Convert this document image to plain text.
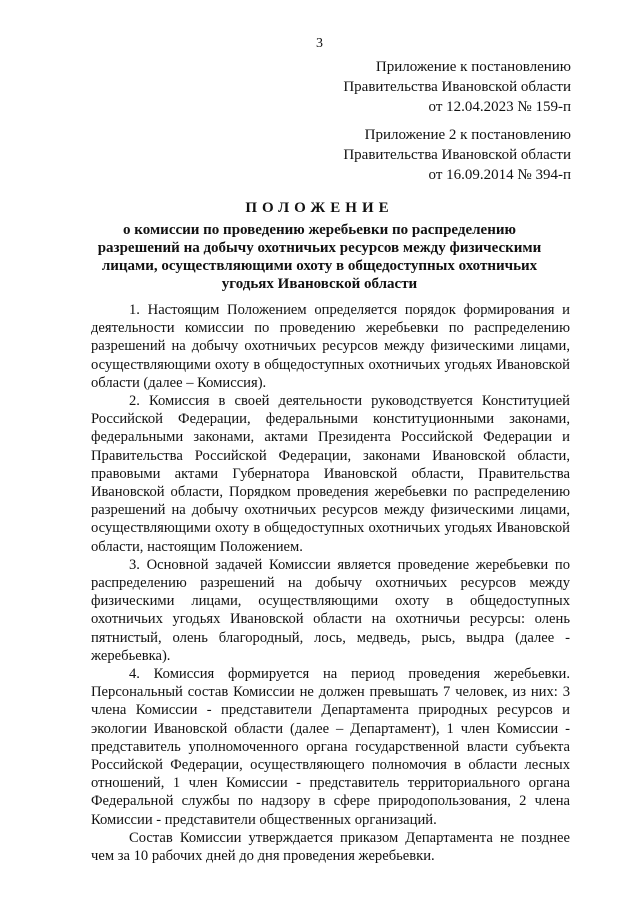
3
Приложение к постановлению
Правительства Ивановской области
от 12.04.2023 № 159-п
Приложение 2 к постановлению
Правительства Ивановской области
от 16.09.2014 № 394-п
ПОЛОЖЕНИЕ
о комиссии по проведению жеребьевки по распределению
разрешений на добычу охотничьих ресурсов между физическими
лицами, осуществляющими охоту в общедоступных охотничьих
угодьях Ивановской области

1. Настоящим Положением определяется порядок формирования и деятельности комиссии по проведению жеребьевки по распределению разрешений на добычу охотничьих ресурсов между физическими лицами, осуществляющими охоту в общедоступных охотничьих угодьях Ивановской области (далее – Комиссия).

2. Комиссия в своей деятельности руководствуется Конституцией Российской Федерации, федеральными конституционными законами, федеральными законами, актами Президента Российской Федерации и Правительства Российской Федерации, законами Ивановской области, правовыми актами Губернатора Ивановской области, Правительства Ивановской области, Порядком проведения жеребьевки по распределению разрешений на добычу охотничьих ресурсов между физическими лицами, осуществляющими охоту в общедоступных охотничьих угодьях Ивановской области, настоящим Положением.

3. Основной задачей Комиссии является проведение жеребьевки по распределению разрешений на добычу охотничьих ресурсов между физическими лицами, осуществляющими охоту в общедоступных охотничьих угодьях Ивановской области на охотничьи ресурсы: олень пятнистый, олень благородный, лось, медведь, рысь, выдра (далее - жеребьевка).

4. Комиссия формируется на период проведения жеребьевки. Персональный состав Комиссии не должен превышать 7 человек, из них: 3 члена Комиссии - представители Департамента природных ресурсов и экологии Ивановской области (далее – Департамент), 1 член Комиссии - представитель уполномоченного органа государственной власти субъекта Российской Федерации, осуществляющего полномочия в области лесных отношений, 1 член Комиссии - представитель территориального органа Федеральной службы по надзору в сфере природопользования, 2 члена Комиссии - представители общественных организаций.

Состав Комиссии утверждается приказом Департамента не позднее чем за 10 рабочих дней до дня проведения жеребьевки.
